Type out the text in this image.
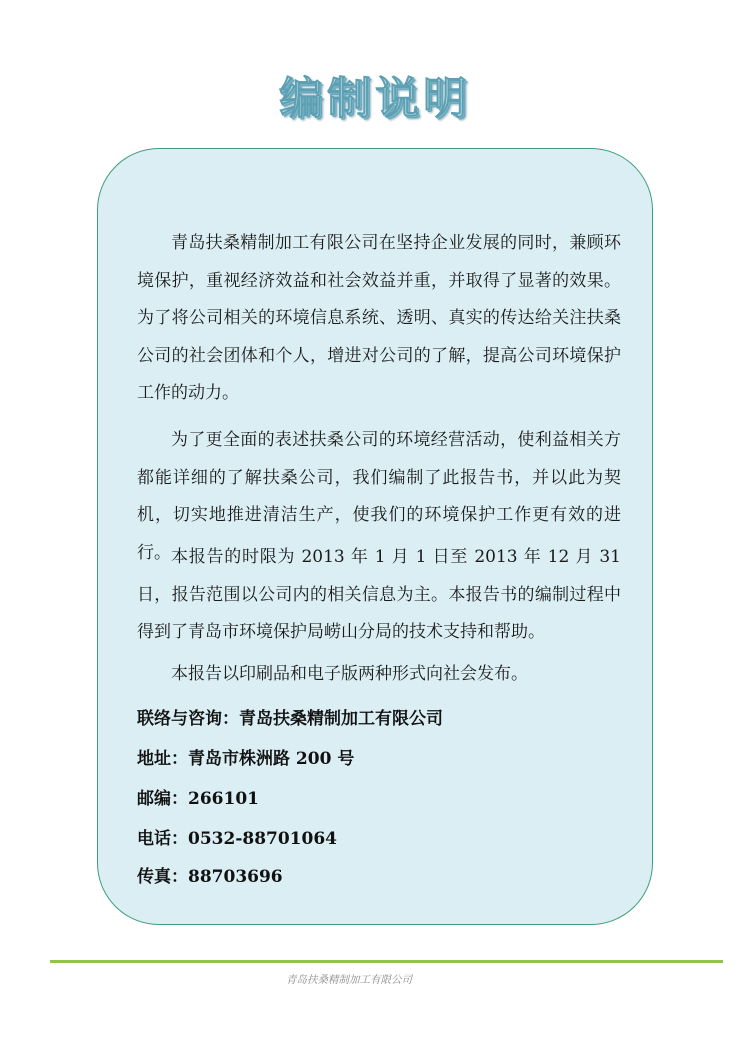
编制说明

青岛扶桑精制加工有限公司在坚持企业发展的同时，兼顾环境保护，重视经济效益和社会效益并重，并取得了显著的效果。为了将公司相关的环境信息系统、透明、真实的传达给关注扶桑公司的社会团体和个人，增进对公司的了解，提高公司环境保护工作的动力。

为了更全面的表述扶桑公司的环境经营活动，使利益相关方都能详细的了解扶桑公司，我们编制了此报告书，并以此为契机，切实地推进清洁生产，使我们的环境保护工作更有效的进行。 本报告的时限为 2013 年 1 月 1 日至 2013 年 12 月 31 日，报告范围以公司内的相关信息为主。本报告书的编制过程中得到了青岛市环境保护局崂山分局的技术支持和帮助。

本报告以印刷品和电子版两种形式向社会发布。

联络与咨询：青岛扶桑精制加工有限公司
地址：青岛市株洲路 200 号
邮编：266101
电话：0532-88701064
传真：88703696
青岛扶桑精制加工有限公司
